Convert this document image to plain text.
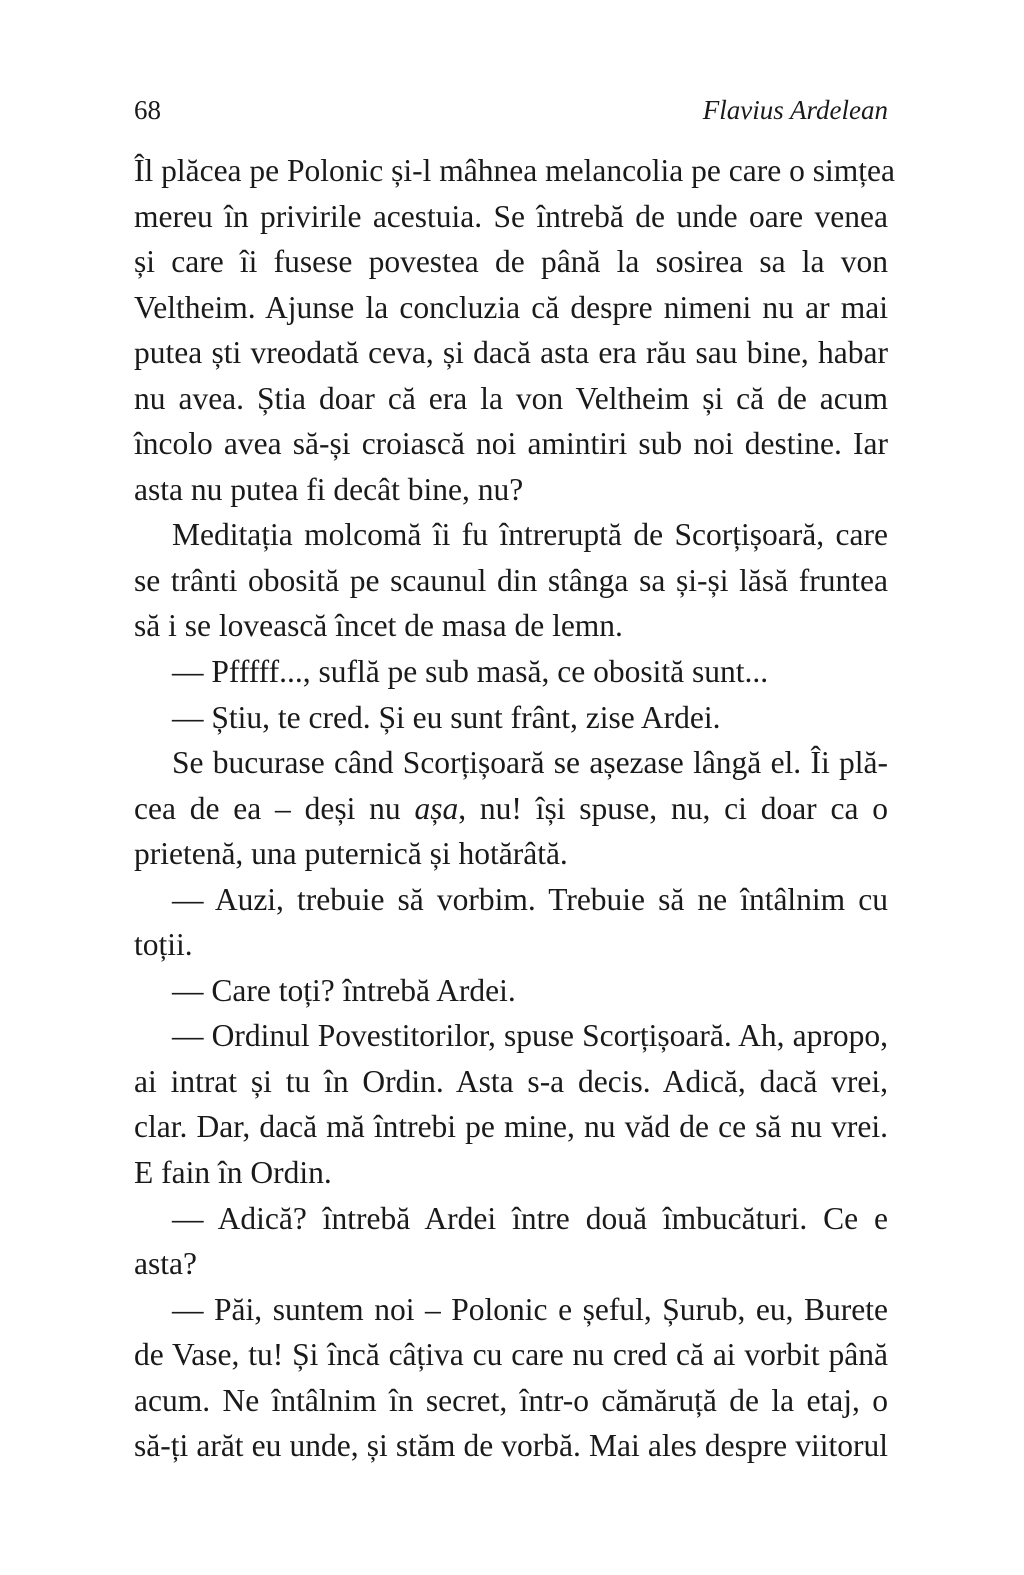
68	Flavius Ardelean
Îl plăcea pe Polonic și-l mâhnea melancolia pe care o simțea
mereu în privirile acestuia. Se întrebă de unde oare venea
și care îi fusese povestea de până la sosirea sa la von
Veltheim. Ajunse la concluzia că despre nimeni nu ar mai
putea ști vreodată ceva, și dacă asta era rău sau bine, habar
nu avea. Știa doar că era la von Veltheim și că de acum
încolo avea să-și croiască noi amintiri sub noi destine. Iar
asta nu putea fi decât bine, nu?
Meditația molcomă îi fu întreruptă de Scorțișoară, care
se trânti obosită pe scaunul din stânga sa și-și lăsă fruntea
să i se lovească încet de masa de lemn.
— Pfffff..., suflă pe sub masă, ce obosită sunt...
— Știu, te cred. Și eu sunt frânt, zise Ardei.
Se bucurase când Scorțișoară se așezase lângă el. Îi plă-
cea de ea – deși nu așa, nu! își spuse, nu, ci doar ca o
prietenă, una puternică și hotărâtă.
— Auzi, trebuie să vorbim. Trebuie să ne întâlnim cu
toții.
— Care toți? întrebă Ardei.
— Ordinul Povestitorilor, spuse Scorțișoară. Ah, apropo,
ai intrat și tu în Ordin. Asta s-a decis. Adică, dacă vrei,
clar. Dar, dacă mă întrebi pe mine, nu văd de ce să nu vrei.
E fain în Ordin.
— Adică? întrebă Ardei între două îmbucături. Ce e
asta?
— Păi, suntem noi – Polonic e șeful, Șurub, eu, Burete
de Vase, tu! Și încă câțiva cu care nu cred că ai vorbit până
acum. Ne întâlnim în secret, într-o cămăruță de la etaj, o
să-ți arăt eu unde, și stăm de vorbă. Mai ales despre viitorul
